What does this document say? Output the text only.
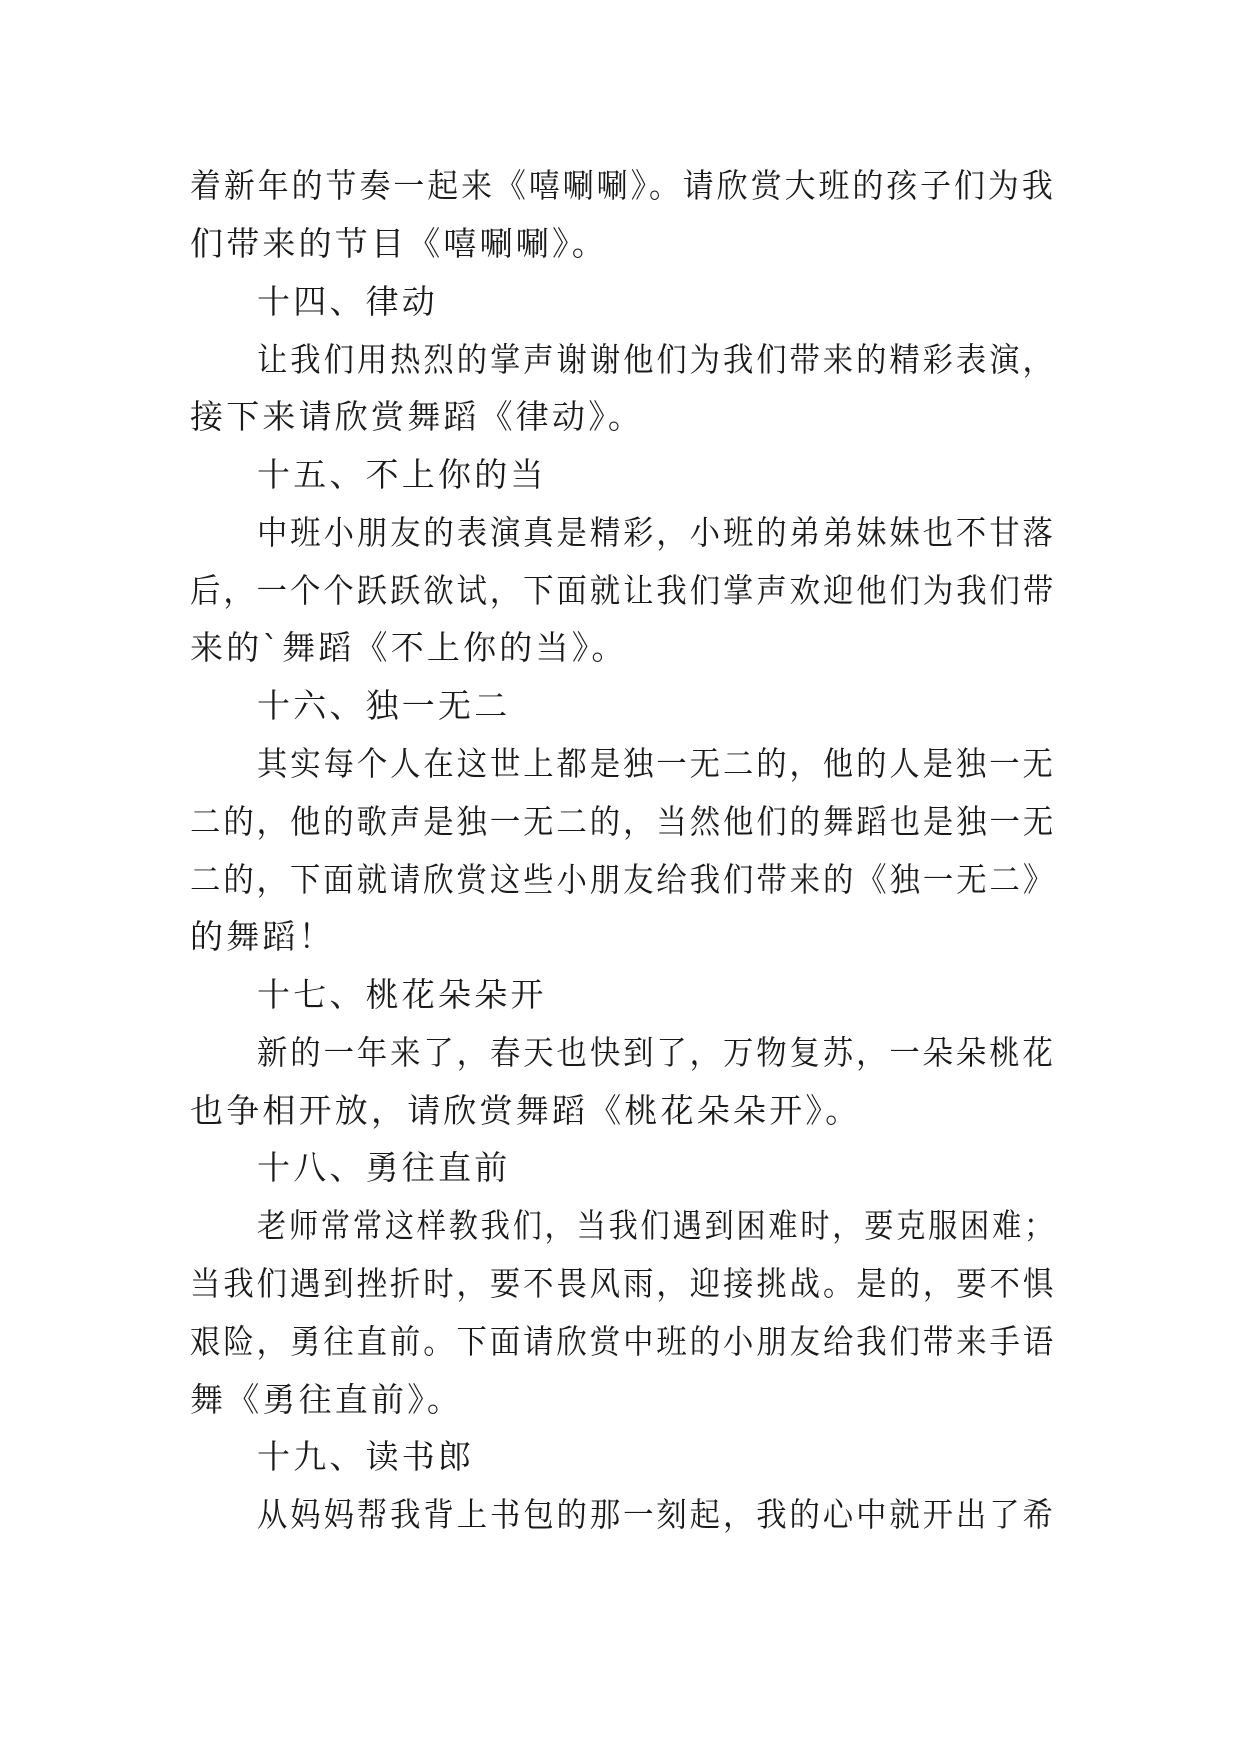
着新年的节奏一起来《嘻唰唰》。请欣赏大班的孩子们为我
们带来的节目《嘻唰唰》。
十四、律动
让我们用热烈的掌声谢谢他们为我们带来的精彩表演，
接下来请欣赏舞蹈《律动》。
十五、不上你的当
中班小朋友的表演真是精彩，小班的弟弟妹妹也不甘落
后，一个个跃跃欲试，下面就让我们掌声欢迎他们为我们带
来的`舞蹈《不上你的当》。
十六、独一无二
其实每个人在这世上都是独一无二的，他的人是独一无
二的，他的歌声是独一无二的，当然他们的舞蹈也是独一无
二的，下面就请欣赏这些小朋友给我们带来的《独一无二》
的舞蹈！
十七、桃花朵朵开
新的一年来了，春天也快到了，万物复苏，一朵朵桃花
也争相开放，请欣赏舞蹈《桃花朵朵开》。
十八、勇往直前
老师常常这样教我们，当我们遇到困难时，要克服困难；
当我们遇到挫折时，要不畏风雨，迎接挑战。是的，要不惧
艰险，勇往直前。下面请欣赏中班的小朋友给我们带来手语
舞《勇往直前》。
十九、读书郎
从妈妈帮我背上书包的那一刻起，我的心中就开出了希
